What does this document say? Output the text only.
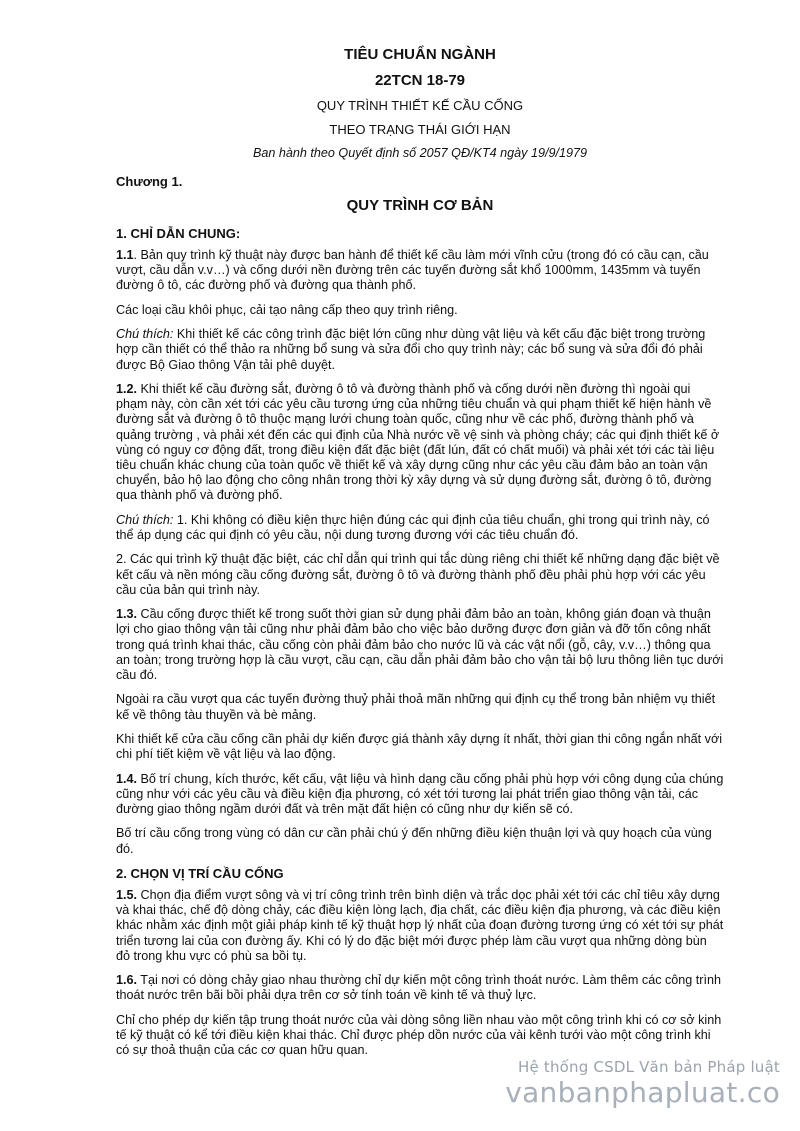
TIÊU CHUẨN NGÀNH
22TCN 18-79
QUY TRÌNH THIẾT KẾ CẦU CỐNG
THEO TRẠNG THÁI GIỚI HẠN
Ban hành theo Quyết định số 2057 QĐ/KT4 ngày 19/9/1979
Chương 1.
QUY TRÌNH CƠ BẢN
1. CHỈ DẪN CHUNG:

1.1. Bản quy trình kỹ thuật này được ban hành để thiết kế cầu làm mới vĩnh cửu (trong đó có cầu cạn, cầu vượt, cầu dẫn v.v…) và cống dưới nền đường trên các tuyến đường sắt khổ 1000mm, 1435mm và tuyến đường ô tô, các đường phố và đường qua thành phố.

Các loại cầu khôi phục, cải tạo nâng cấp theo quy trình riêng.

Chú thích: Khi thiết kế các công trình đặc biệt lớn cũng như dùng vật liệu và kết cấu đặc biệt trong trường hợp cần thiết có thể thảo ra những bổ sung và sửa đổi cho quy trình này; các bổ sung và sửa đổi đó phải được Bộ Giao thông Vận tải phê duyệt.

1.2. Khi thiết kế cầu đường sắt, đường ô tô và đường thành phố và cống dưới nền đường thì ngoài qui phạm này, còn cần xét tới các yêu cầu tương ứng của những tiêu chuẩn và qui phạm thiết kế hiện hành về đường sắt và đường ô tô thuộc mạng lưới chung toàn quốc, cũng như về các phố, đường thành phố và quảng trường , và phải xét đến các qui định của Nhà nước về vệ sinh và phòng cháy; các qui định thiết kế ở vùng có nguy cơ động đất, trong điều kiện đất đặc biệt (đất lún, đất có chất muối) và phải xét tới các tài liệu tiêu chuẩn khác chung của toàn quốc về thiết kế và xây dựng cũng như các yêu cầu đảm bảo an toàn vận chuyển, bảo hộ lao động cho công nhân trong thời kỳ xây dựng và sử dụng đường sắt, đường ô tô, đường qua thành phố và đường phố.

Chú thích: 1. Khi không có điều kiện thực hiện đúng các qui định của tiêu chuẩn, ghi trong qui trình này, có thể áp dụng các qui định có yêu cầu, nội dung tương đương với các tiêu chuẩn đó.

2. Các qui trình kỹ thuật đặc biệt, các chỉ dẫn qui trình qui tắc dùng riêng chi thiết kế những dạng đặc biệt về kết cấu và nền móng cầu cống đường sắt, đường ô tô và đường thành phố đều phải phù hợp với các yêu cầu của bản qui trình này.

1.3. Cầu cống được thiết kế trong suốt thời gian sử dụng phải đảm bảo an toàn, không gián đoạn và thuận lợi cho giao thông vận tải cũng như phải đảm bảo cho việc bảo dưỡng được đơn giản và đỡ tốn công nhất trong quá trình khai thác, cầu cống còn phải đảm bảo cho nước lũ và các vật nổi (gỗ, cây, v.v…) thông qua an toàn; trong trường hợp là cầu vượt, cầu cạn, cầu dẫn phải đảm bảo cho vận tải bộ lưu thông liên tục dưới cầu đó.

Ngoài ra cầu vượt qua các tuyến đường thuỷ phải thoả mãn những qui định cụ thể trong bản nhiệm vụ thiết kế về thông tàu thuyền và bè mảng.

Khi thiết kế cửa cầu cống cần phải dự kiến được giá thành xây dựng ít nhất, thời gian thi công ngắn nhất với chi phí tiết kiệm về vật liệu và lao động.

1.4. Bố trí chung, kích thước, kết cấu, vật liệu và hình dạng cầu cống phải phù hợp với công dụng của chúng cũng như với các yêu cầu và điều kiện địa phương, có xét tới tương lai phát triển giao thông vận tải, các đường giao thông ngầm dưới đất và trên mặt đất hiện có cũng như dự kiến sẽ có.

Bố trí cầu cống trong vùng có dân cư cần phải chú ý đến những điều kiện thuận lợi và quy hoạch của vùng đó.

2. CHỌN VỊ TRÍ CẦU CỐNG

1.5. Chọn địa điểm vượt sông và vị trí công trình trên bình diện và trắc dọc phải xét tới các chỉ tiêu xây dựng và khai thác, chế độ dòng chảy, các điều kiện lòng lạch, địa chất, các điều kiện địa phương, và các điều kiện khác nhằm xác định một giải pháp kinh tế kỹ thuật hợp lý nhất của đoạn đường tương ứng có xét tới sự phát triển tương lai của con đường ấy. Khi có lý do đặc biệt mới được phép làm cầu vượt qua những dòng bùn đỏ trong khu vực có phù sa bồi tụ.

1.6. Tại nơi có dòng chảy giao nhau thường chỉ dự kiến một công trình thoát nước. Làm thêm các công trình thoát nước trên bãi bồi phải dựa trên cơ sở tính toán về kinh tế và thuỷ lực.

Chỉ cho phép dự kiến tập trung thoát nước của vài dòng sông liền nhau vào một công trình khi có cơ sở kinh tế kỹ thuật có kể tới điều kiện khai thác. Chỉ được phép dồn nước của vài kênh tưới vào một công trình khi có sự thoả thuận của các cơ quan hữu quan.

Hệ thống CSDL Văn bản Pháp luật
vanbanphapluat.co
